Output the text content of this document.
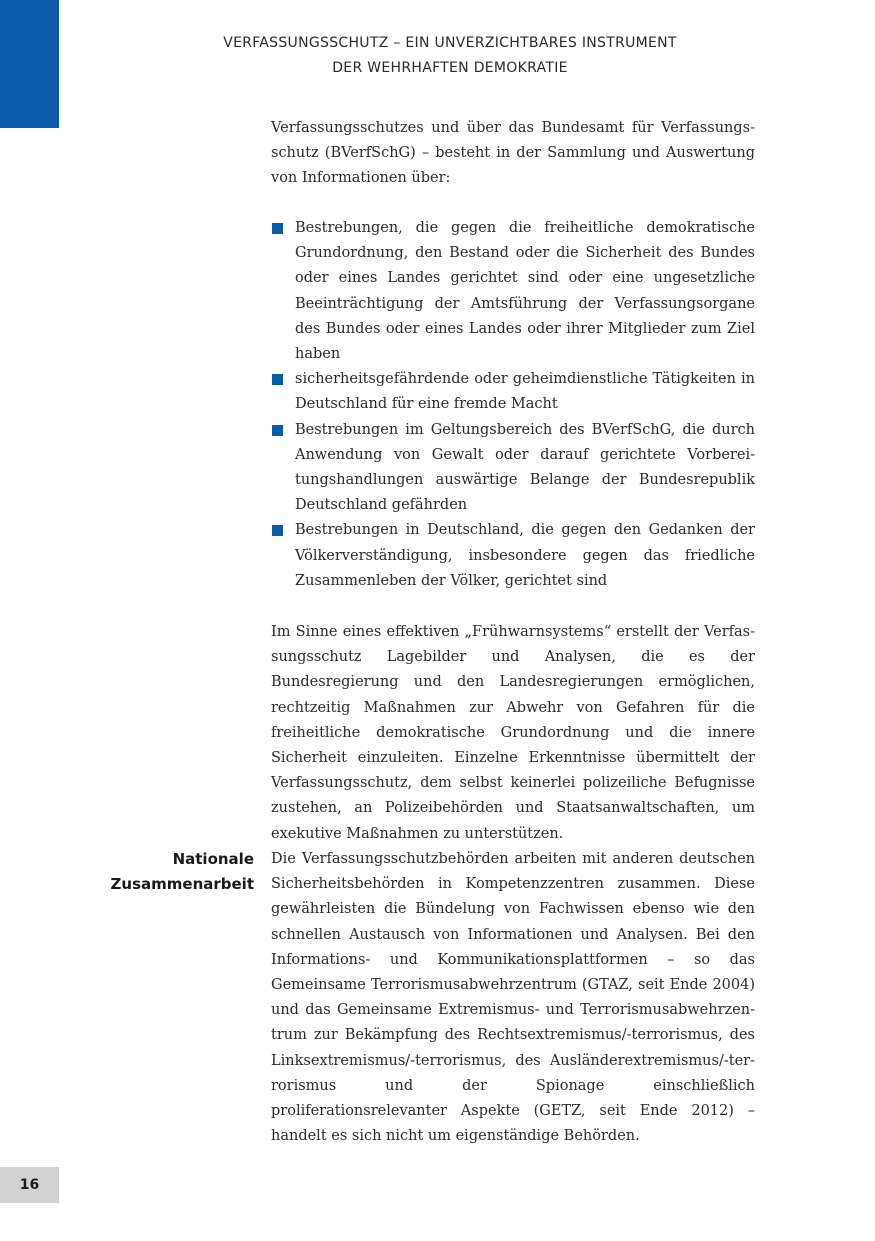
VERFASSUNGSSCHUTZ – EIN UNVERZICHTBARES INSTRUMENT
DER WEHRHAFTEN DEMOKRATIE

Verfassungsschutzes und über das Bundesamt für Verfassungsschutz (BVerfSchG) – besteht in der Sammlung und Auswertung von Informationen über:

Bestrebungen, die gegen die freiheitliche demokratische Grundordnung, den Bestand oder die Sicherheit des Bundes oder eines Landes gerichtet sind oder eine ungesetzliche Beeinträchtigung der Amtsführung der Verfassungsorgane des Bundes oder eines Landes oder ihrer Mitglieder zum Ziel haben
sicherheitsgefährdende oder geheimdienstliche Tätigkeiten in Deutschland für eine fremde Macht
Bestrebungen im Geltungsbereich des BVerfSchG, die durch Anwendung von Gewalt oder darauf gerichtete Vorbereitungshandlungen auswärtige Belange der Bundesrepublik Deutschland gefährden
Bestrebungen in Deutschland, die gegen den Gedanken der Völkerverständigung, insbesondere gegen das friedliche Zusammenleben der Völker, gerichtet sind

Im Sinne eines effektiven „Frühwarnsystems“ erstellt der Verfassungsschutz Lagebilder und Analysen, die es der Bundesregierung und den Landesregierungen ermöglichen, rechtzeitig Maßnahmen zur Abwehr von Gefahren für die freiheitliche demokratische Grundordnung und die innere Sicherheit einzuleiten. Einzelne Erkenntnisse übermittelt der Verfassungsschutz, dem selbst keinerlei polizeiliche Befugnisse zustehen, an Polizeibehörden und Staatsanwaltschaften, um exekutive Maßnahmen zu unterstützen.

Nationale
Zusammenarbeit

Die Verfassungsschutzbehörden arbeiten mit anderen deutschen Sicherheitsbehörden in Kompetenzzentren zusammen. Diese gewährleisten die Bündelung von Fachwissen ebenso wie den schnellen Austausch von Informationen und Analysen. Bei den Informations- und Kommunikationsplattformen – so das Gemeinsame Terrorismusabwehrzentrum (GTAZ, seit Ende 2004) und das Gemeinsame Extremismus- und Terrorismusabwehrzentrum zur Bekämpfung des Rechtsextremismus/-terrorismus, des Linksextremismus/-terrorismus, des Ausländerextremismus/-terrorismus und der Spionage einschließlich proliferationsrelevanter Aspekte (GETZ, seit Ende 2012) – handelt es sich nicht um eigenständige Behörden.

16
